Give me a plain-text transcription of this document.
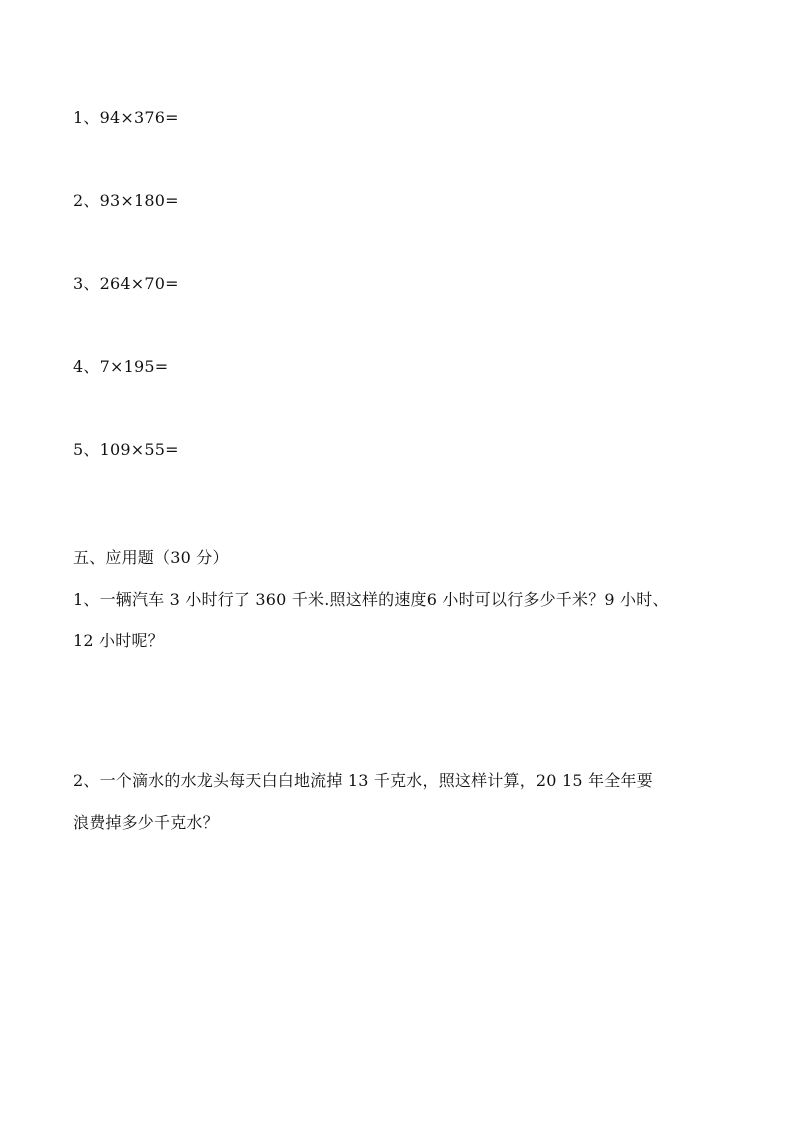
1、94×376=
2、93×180=
3、264×70=
4、7×195=
5、109×55=
五、应用题（30 分）
1、一辆汽车 3 小时行了 360 千米.照这样的速度6 小时可以行多少千米？9 小时、
12 小时呢？
2、一个滴水的水龙头每天白白地流掉 13 千克水，照这样计算，20 15 年全年要
浪费掉多少千克水？
